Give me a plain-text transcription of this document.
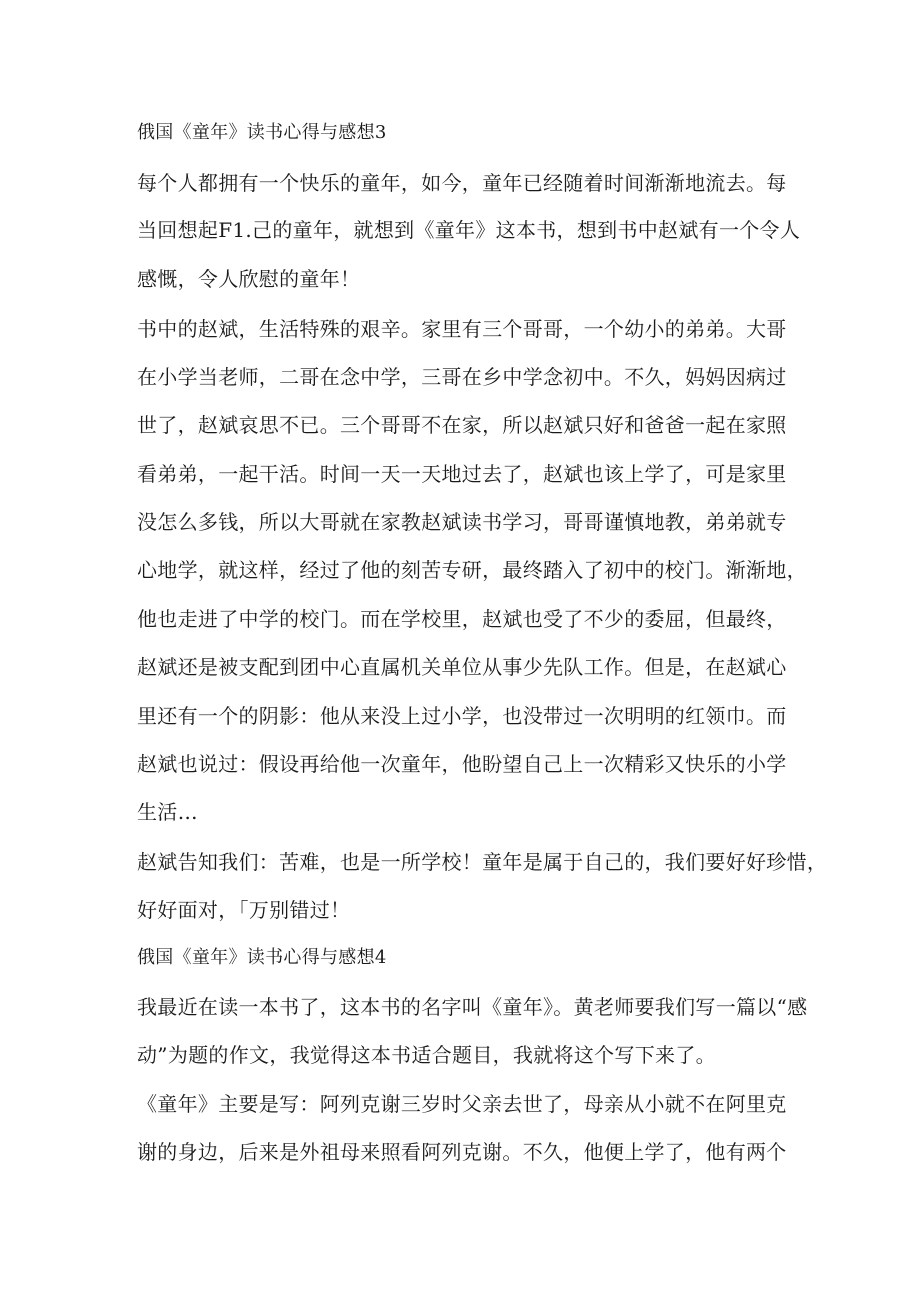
俄国《童年》读书心得与感想3
每个人都拥有一个快乐的童年，如今，童年已经随着时间渐渐地流去。每
当回想起F1.己的童年，就想到《童年》这本书，想到书中赵斌有一个令人
感慨，令人欣慰的童年！
书中的赵斌，生活特殊的艰辛。家里有三个哥哥，一个幼小的弟弟。大哥
在小学当老师，二哥在念中学，三哥在乡中学念初中。不久，妈妈因病过
世了，赵斌哀思不已。三个哥哥不在家，所以赵斌只好和爸爸一起在家照
看弟弟，一起干活。时间一天一天地过去了，赵斌也该上学了，可是家里
没怎么多钱，所以大哥就在家教赵斌读书学习，哥哥谨慎地教，弟弟就专
心地学，就这样，经过了他的刻苦专研，最终踏入了初中的校门。渐渐地，
他也走进了中学的校门。而在学校里，赵斌也受了不少的委屈，但最终，
赵斌还是被支配到团中心直属机关单位从事少先队工作。但是，在赵斌心
里还有一个的阴影：他从来没上过小学，也没带过一次明明的红领巾。而
赵斌也说过：假设再给他一次童年，他盼望自己上一次精彩又快乐的小学
生活…
赵斌告知我们：苦难，也是一所学校！童年是属于自己的，我们要好好珍惜，
好好面对，「万别错过！
俄国《童年》读书心得与感想4
我最近在读一本书了，这本书的名字叫《童年》。黄老师要我们写一篇以“感
动”为题的作文，我觉得这本书适合题目，我就将这个写下来了。
《童年》主要是写：阿列克谢三岁时父亲去世了，母亲从小就不在阿里克
谢的身边，后来是外祖母来照看阿列克谢。不久，他便上学了，他有两个
